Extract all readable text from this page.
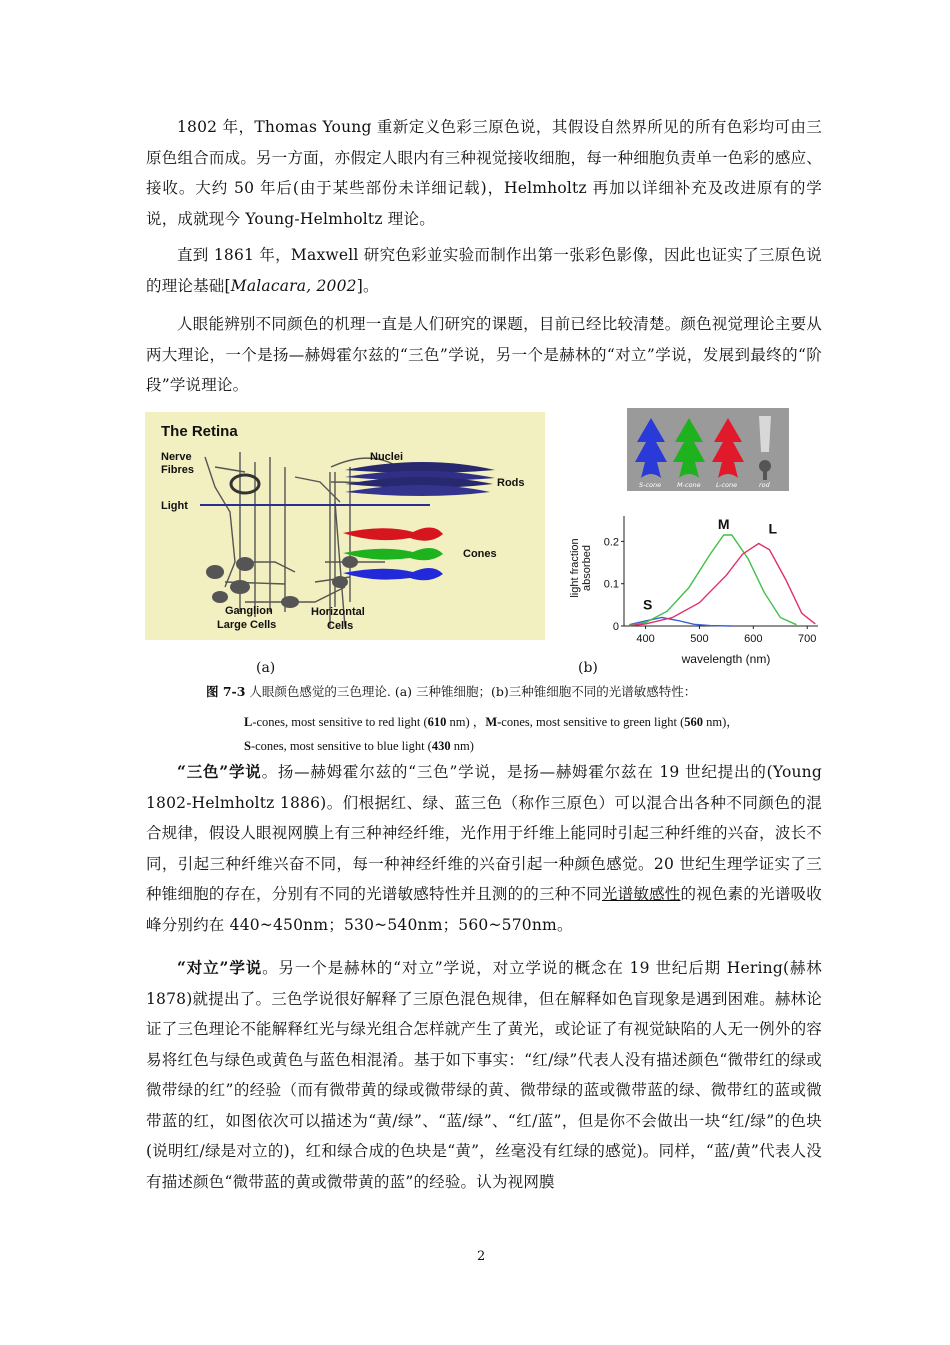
1802 年，Thomas Young 重新定义色彩三原色说，其假设自然界所见的所有色彩均可由三原色组合而成。另一方面，亦假定人眼内有三种视觉接收细胞，每一种细胞负责单一色彩的感应、接收。大约 50 年后(由于某些部份未详细记载)，Helmholtz 再加以详细补充及改进原有的学说，成就现今 Young-Helmholtz 理论。

直到 1861 年，Maxwell 研究色彩並实验而制作出第一张彩色影像，因此也证实了三原色说的理论基础[Malacara, 2002]。

人眼能辨别不同颜色的机理一直是人们研究的课题，目前已经比较清楚。颜色视觉理论主要从两大理论，一个是扬—赫姆霍尔兹的“三色”学说，另一个是赫林的“对立”学说，发展到最终的“阶段”学说理论。

The Retina
Nerve
Fibres
Light
Nuclei
Rods
Cones
Ganglion
Large Cells
Horizontal
Cells
S-cone M-cone L-cone	rod
400	500	600	700
0
0.1
0.2
wavelength (nm)
light fraction absorbed
S
M	L
(a)	(b)
图 7-3 人眼颜色感觉的三色理论. (a) 三种锥细胞；(b)三种锥细胞不同的光谱敏感特性：
L-cones, most sensitive to red light (610 nm) ，M-cones, most sensitive to green light (560 nm)，
S-cones, most sensitive to blue light (430 nm)

“三色”学说。扬—赫姆霍尔兹的“三色”学说，是扬—赫姆霍尔兹在 19 世纪提出的(Young 1802-Helmholtz 1886)。们根据红、绿、蓝三色（称作三原色）可以混合出各种不同颜色的混合规律，假设人眼视网膜上有三种神经纤维，光作用于纤维上能同时引起三种纤维的兴奋，波长不同，引起三种纤维兴奋不同，每一种神经纤维的兴奋引起一种颜色感觉。20 世纪生理学证实了三种锥细胞的存在，分别有不同的光谱敏感特性并且测的的三种不同光谱敏感性的视色素的光谱吸收峰分别约在 440~450nm；530~540nm；560~570nm。

“对立”学说。另一个是赫林的“对立”学说，对立学说的概念在 19 世纪后期 Hering(赫林 1878)就提出了。三色学说很好解释了三原色混色规律，但在解释如色盲现象是遇到困难。赫林论证了三色理论不能解释红光与绿光组合怎样就产生了黄光，或论证了有视觉缺陷的人无一例外的容易将红色与绿色或黄色与蓝色相混淆。基于如下事实：“红/绿”代表人没有描述颜色“微带红的绿或微带绿的红”的经验（而有微带黄的绿或微带绿的黄、微带绿的蓝或微带蓝的绿、微带红的蓝或微带蓝的红，如图依次可以描述为“黄/绿”、“蓝/绿”、“红/蓝”，但是你不会做出一块“红/绿”的色块(说明红/绿是对立的)，红和绿合成的色块是“黄”，丝毫没有红绿的感觉)。同样，“蓝/黄”代表人没有描述颜色“微带蓝的黄或微带黄的蓝”的经验。认为视网膜

2
